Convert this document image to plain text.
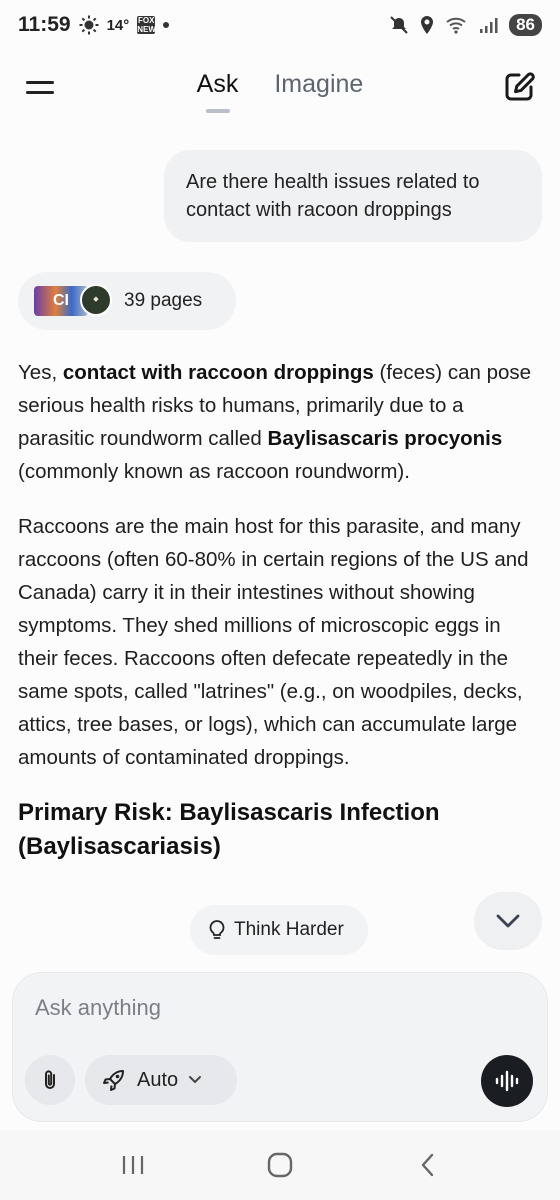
11:59 14° FOX NEWS	86
Ask Imagine
Are there health issues related to contact with racoon droppings
CI	◆	39 pages

Yes, contact with raccoon droppings (feces) can pose serious health risks to humans, primarily due to a parasitic roundworm called Baylisascaris procyonis (commonly known as raccoon roundworm).

Raccoons are the main host for this parasite, and many raccoons (often 60-80% in certain regions of the US and Canada) carry it in their intestines without showing symptoms. They shed millions of microscopic eggs in their feces. Raccoons often defecate repeatedly in the same spots, called "latrines" (e.g., on woodpiles, decks, attics, tree bases, or logs), which can accumulate large amounts of contaminated droppings.

Primary Risk: Baylisascaris Infection (Baylisascariasis)
Think Harder
Ask anything
Auto
